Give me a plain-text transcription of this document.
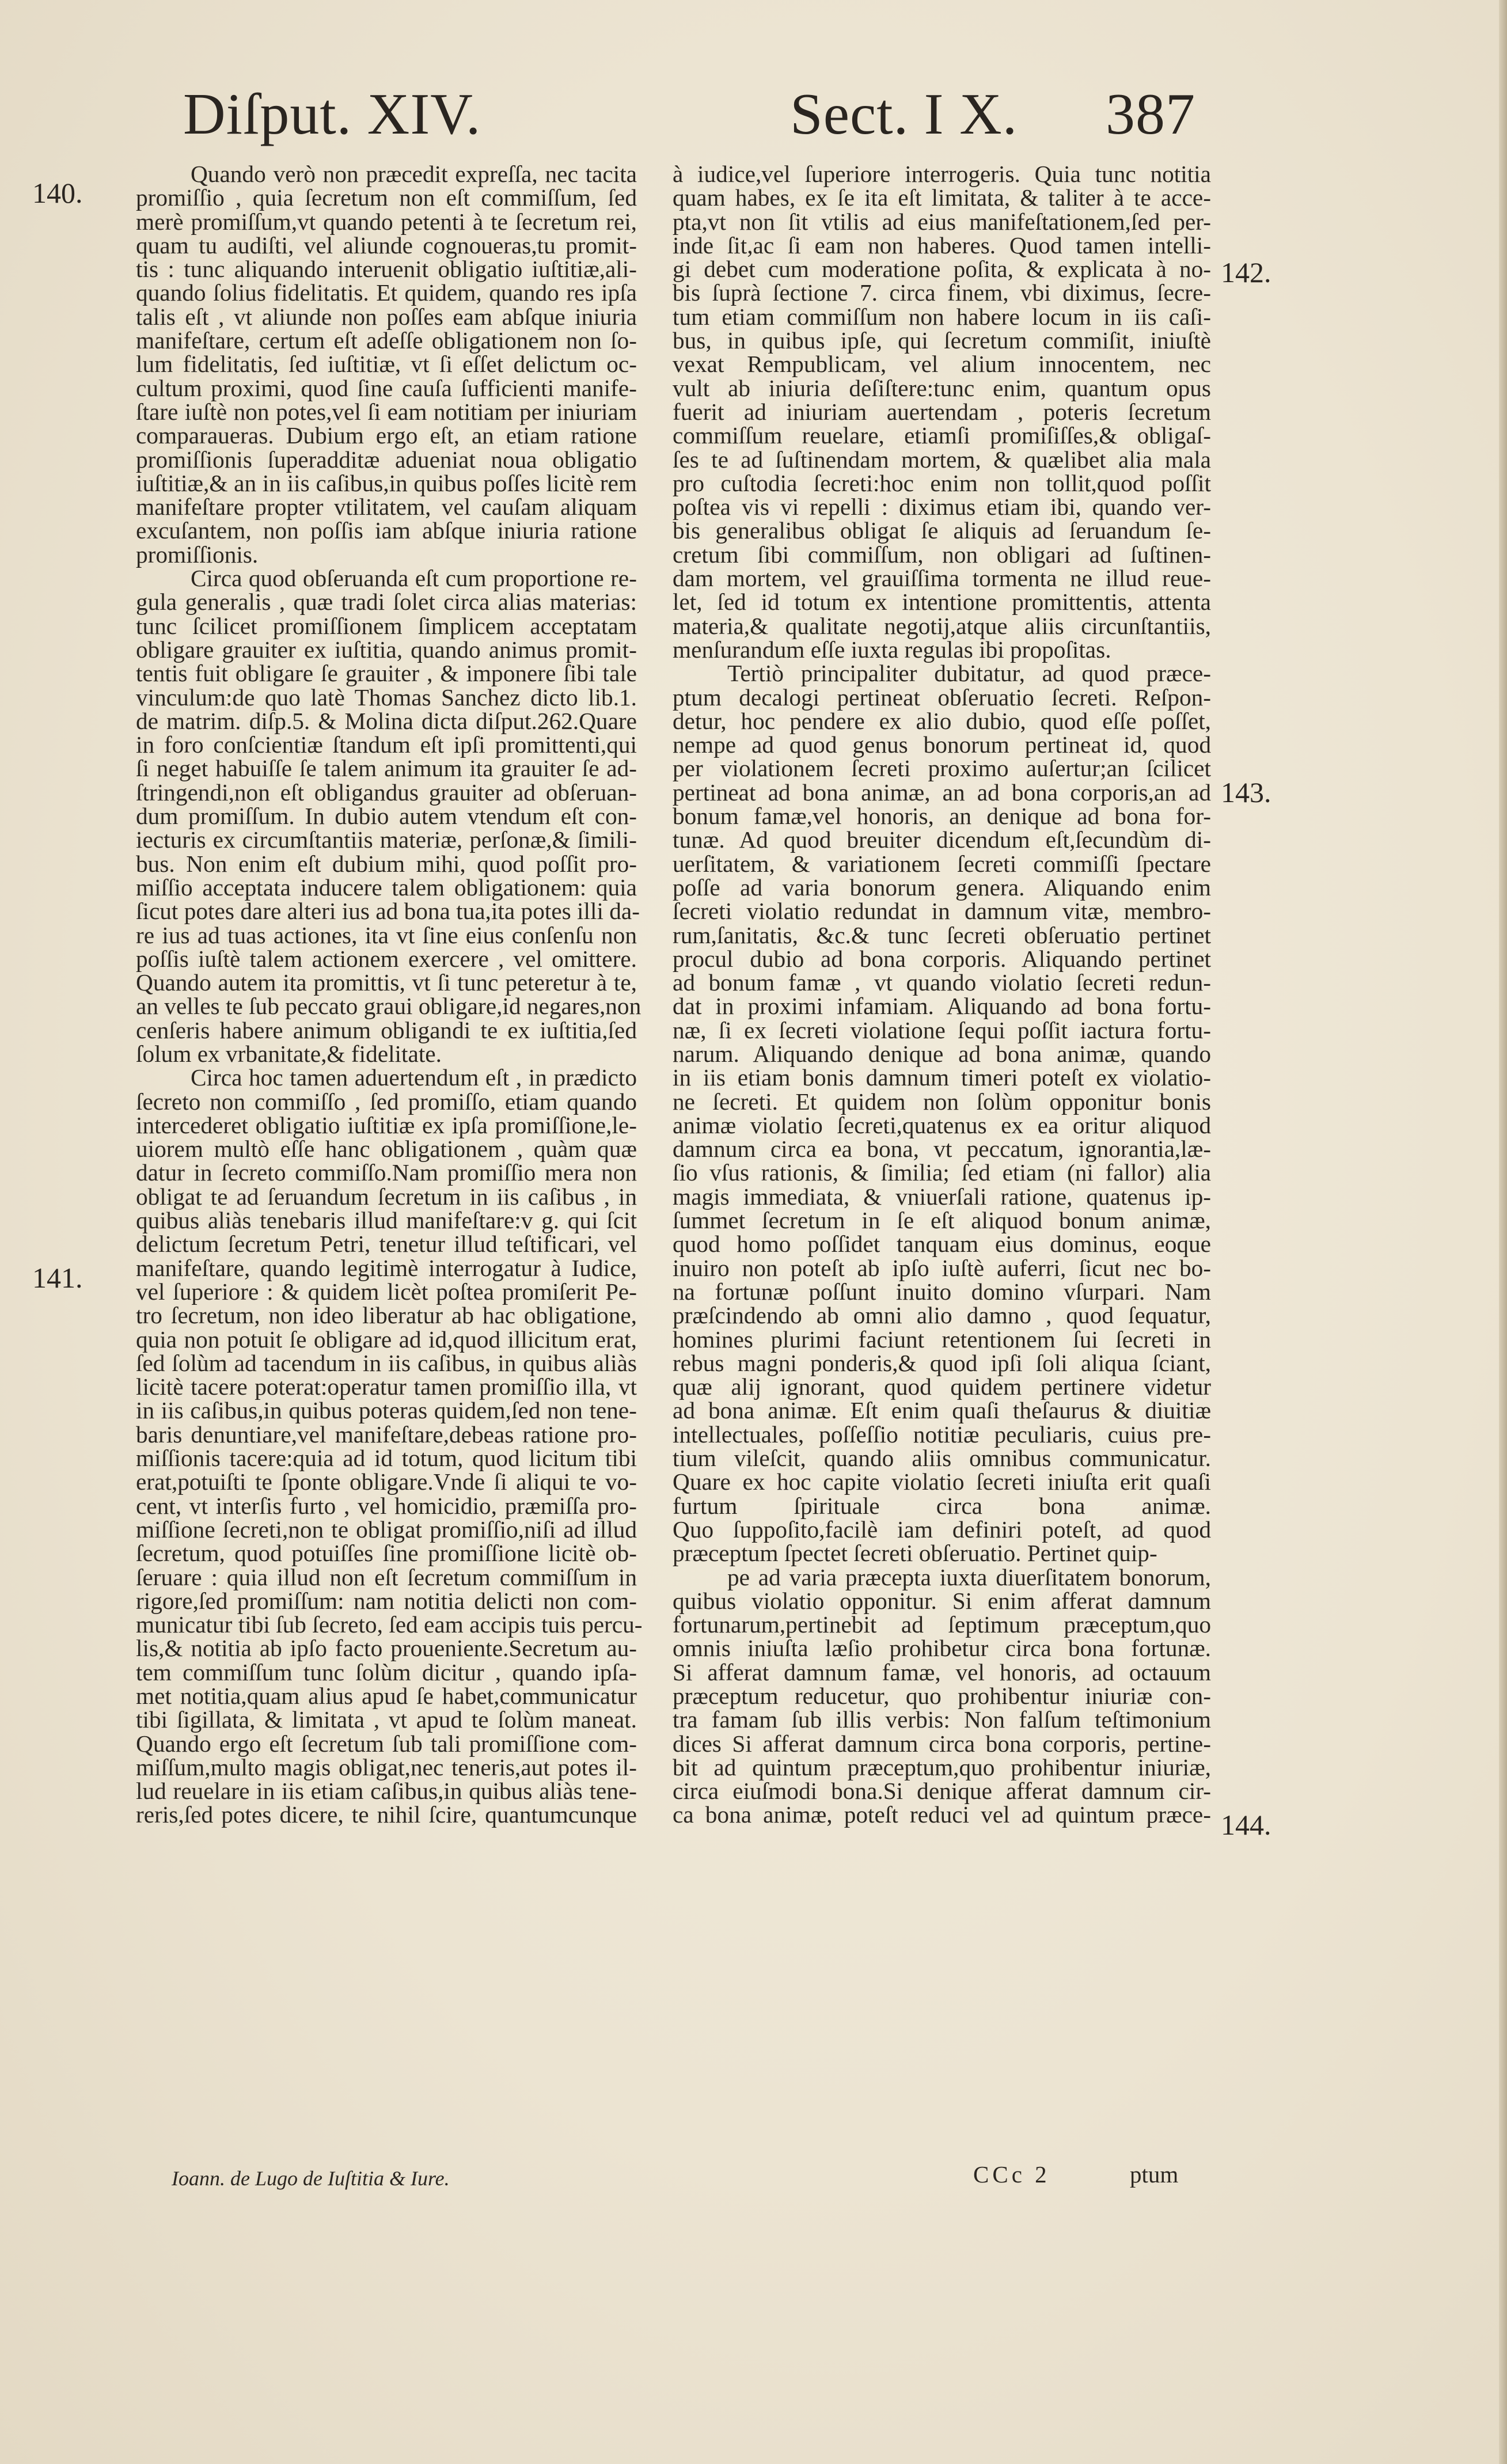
Diſput. XIV.	Sect. I X. 387
140.
141.
142.
143.
144.
Quando verò non præcedit expreſſa, nec tacita
promiſſio , quia ſecretum non eſt commiſſum, ſed
merè promiſſum,vt quando petenti à te ſecretum rei,
quam tu audiſti, vel aliunde cognoueras,tu promit-
tis : tunc aliquando interuenit obligatio iuſtitiæ,ali-
quando ſolius fidelitatis. Et quidem, quando res ipſa
talis eſt , vt aliunde non poſſes eam abſque iniuria
manifeſtare, certum eſt adeſſe obligationem non ſo-
lum fidelitatis, ſed iuſtitiæ, vt ſi eſſet delictum oc-
cultum proximi, quod ſine cauſa ſufficienti manife-
ſtare iuſtè non potes,vel ſi eam notitiam per iniuriam
comparaueras. Dubium ergo eſt, an etiam ratione
promiſſionis ſuperadditæ adueniat noua obligatio
iuſtitiæ,& an in iis caſibus,in quibus poſſes licitè rem
manifeſtare propter vtilitatem, vel cauſam aliquam
excuſantem, non poſſis iam abſque iniuria ratione
promiſſionis.
Circa quod obſeruanda eſt cum proportione re-
gula generalis , quæ tradi ſolet circa alias materias:
tunc ſcilicet promiſſionem ſimplicem acceptatam
obligare grauiter ex iuſtitia, quando animus promit-
tentis fuit obligare ſe grauiter , & imponere ſibi tale
vinculum:de quo latè Thomas Sanchez dicto lib.1.
de matrim. diſp.5. & Molina dicta diſput.262.Quare
in foro conſcientiæ ſtandum eſt ipſi promittenti,qui
ſi neget habuiſſe ſe talem animum ita grauiter ſe ad-
ſtringendi,non eſt obligandus grauiter ad obſeruan-
dum promiſſum. In dubio autem vtendum eſt con-
iecturis ex circumſtantiis materiæ, perſonæ,& ſimili-
bus. Non enim eſt dubium mihi, quod poſſit pro-
miſſio acceptata inducere talem obligationem: quia
ſicut potes dare alteri ius ad bona tua,ita potes illi da-
re ius ad tuas actiones, ita vt ſine eius conſenſu non
poſſis iuſtè talem actionem exercere , vel omittere.
Quando autem ita promittis, vt ſi tunc peteretur à te,
an velles te ſub peccato graui obligare,id negares,non
cenſeris habere animum obligandi te ex iuſtitia,ſed
ſolum ex vrbanitate,& fidelitate.
Circa hoc tamen aduertendum eſt , in prædicto
ſecreto non commiſſo , ſed promiſſo, etiam quando
intercederet obligatio iuſtitiæ ex ipſa promiſſione,le-
uiorem multò eſſe hanc obligationem , quàm quæ
datur in ſecreto commiſſo.Nam promiſſio mera non
obligat te ad ſeruandum ſecretum in iis caſibus , in
quibus aliàs tenebaris illud manifeſtare:v g. qui ſcit
delictum ſecretum Petri, tenetur illud teſtificari, vel
manifeſtare, quando legitimè interrogatur à Iudice,
vel ſuperiore : & quidem licèt poſtea promiſerit Pe-
tro ſecretum, non ideo liberatur ab hac obligatione,
quia non potuit ſe obligare ad id,quod illicitum erat,
ſed ſolùm ad tacendum in iis caſibus, in quibus aliàs
licitè tacere poterat:operatur tamen promiſſio illa, vt
in iis caſibus,in quibus poteras quidem,ſed non tene-
baris denuntiare,vel manifeſtare,debeas ratione pro-
miſſionis tacere:quia ad id totum, quod licitum tibi
erat,potuiſti te ſponte obligare.Vnde ſi aliqui te vo-
cent, vt interſis furto , vel homicidio, præmiſſa pro-
miſſione ſecreti,non te obligat promiſſio,niſi ad illud
ſecretum, quod potuiſſes ſine promiſſione licitè ob-
ſeruare : quia illud non eſt ſecretum commiſſum in
rigore,ſed promiſſum: nam notitia delicti non com-
municatur tibi ſub ſecreto, ſed eam accipis tuis percu-
lis,& notitia ab ipſo facto proueniente.Secretum au-
tem commiſſum tunc ſolùm dicitur , quando ipſa-
met notitia,quam alius apud ſe habet,communicatur
tibi ſigillata, & limitata , vt apud te ſolùm maneat.
Quando ergo eſt ſecretum ſub tali promiſſione com-
miſſum,multo magis obligat,nec teneris,aut potes il-
lud reuelare in iis etiam caſibus,in quibus aliàs tene-
reris,ſed potes dicere, te nihil ſcire, quantumcunque
à iudice,vel ſuperiore interrogeris. Quia tunc notitia
quam habes, ex ſe ita eſt limitata, & taliter à te acce-
pta,vt non ſit vtilis ad eius manifeſtationem,ſed per-
inde ſit,ac ſi eam non haberes. Quod tamen intelli-
gi debet cum moderatione poſita, & explicata à no-
bis ſuprà ſectione 7. circa finem, vbi diximus, ſecre-
tum etiam commiſſum non habere locum in iis caſi-
bus, in quibus ipſe, qui ſecretum commiſit, iniuſtè
vexat Rempublicam, vel alium innocentem, nec
vult ab iniuria deſiſtere:tunc enim, quantum opus
fuerit ad iniuriam auertendam , poteris ſecretum
commiſſum reuelare, etiamſi promiſiſſes,& obligaſ-
ſes te ad ſuſtinendam mortem, & quælibet alia mala
pro cuſtodia ſecreti:hoc enim non tollit,quod poſſit
poſtea vis vi repelli : diximus etiam ibi, quando ver-
bis generalibus obligat ſe aliquis ad ſeruandum ſe-
cretum ſibi commiſſum, non obligari ad ſuſtinen-
dam mortem, vel grauiſſima tormenta ne illud reue-
let, ſed id totum ex intentione promittentis, attenta
materia,& qualitate negotij,atque aliis circunſtantiis,
menſurandum eſſe iuxta regulas ibi propoſitas.
Tertiò principaliter dubitatur, ad quod præce-
ptum decalogi pertineat obſeruatio ſecreti. Reſpon-
detur, hoc pendere ex alio dubio, quod eſſe poſſet,
nempe ad quod genus bonorum pertineat id, quod
per violationem ſecreti proximo auſertur;an ſcilicet
pertineat ad bona animæ, an ad bona corporis,an ad
bonum famæ,vel honoris, an denique ad bona for-
tunæ. Ad quod breuiter dicendum eſt,ſecundùm di-
uerſitatem, & variationem ſecreti commiſſi ſpectare
poſſe ad varia bonorum genera. Aliquando enim
ſecreti violatio redundat in damnum vitæ, membro-
rum,ſanitatis, &c.& tunc ſecreti obſeruatio pertinet
procul dubio ad bona corporis. Aliquando pertinet
ad bonum famæ , vt quando violatio ſecreti redun-
dat in proximi infamiam. Aliquando ad bona fortu-
næ, ſi ex ſecreti violatione ſequi poſſit iactura fortu-
narum. Aliquando denique ad bona animæ, quando
in iis etiam bonis damnum timeri poteſt ex violatio-
ne ſecreti. Et quidem non ſolùm opponitur bonis
animæ violatio ſecreti,quatenus ex ea oritur aliquod
damnum circa ea bona, vt peccatum, ignorantia,læ-
ſio vſus rationis, & ſimilia; ſed etiam (ni fallor) alia
magis immediata, & vniuerſali ratione, quatenus ip-
ſummet ſecretum in ſe eſt aliquod bonum animæ,
quod homo poſſidet tanquam eius dominus, eoque
inuiro non poteſt ab ipſo iuſtè auferri, ſicut nec bo-
na fortunæ poſſunt inuito domino vſurpari. Nam
præſcindendo ab omni alio damno , quod ſequatur,
homines plurimi faciunt retentionem ſui ſecreti in
rebus magni ponderis,& quod ipſi ſoli aliqua ſciant,
quæ alij ignorant, quod quidem pertinere videtur
ad bona animæ. Eſt enim quaſi theſaurus & diuitiæ
intellectuales, poſſeſſio notitiæ peculiaris, cuius pre-
tium vileſcit, quando aliis omnibus communicatur.
Quare ex hoc capite violatio ſecreti iniuſta erit quaſi
furtum ſpirituale circa bona animæ.
Quo ſuppoſito,facilè iam definiri poteſt, ad quod
præceptum ſpectet ſecreti obſeruatio. Pertinet quip-
pe ad varia præcepta iuxta diuerſitatem bonorum,
quibus violatio opponitur. Si enim afferat damnum
fortunarum,pertinebit ad ſeptimum præceptum,quo
omnis iniuſta læſio prohibetur circa bona fortunæ.
Si afferat damnum famæ, vel honoris, ad octauum
præceptum reducetur, quo prohibentur iniuriæ con-
tra famam ſub illis verbis: Non falſum teſtimonium
dices Si afferat damnum circa bona corporis, pertine-
bit ad quintum præceptum,quo prohibentur iniuriæ,
circa eiuſmodi bona.Si denique afferat damnum cir-
ca bona animæ, poteſt reduci vel ad quintum præce-
Ioann. de Lugo de Iuſtitia & Iure.	CCc 2	ptum
